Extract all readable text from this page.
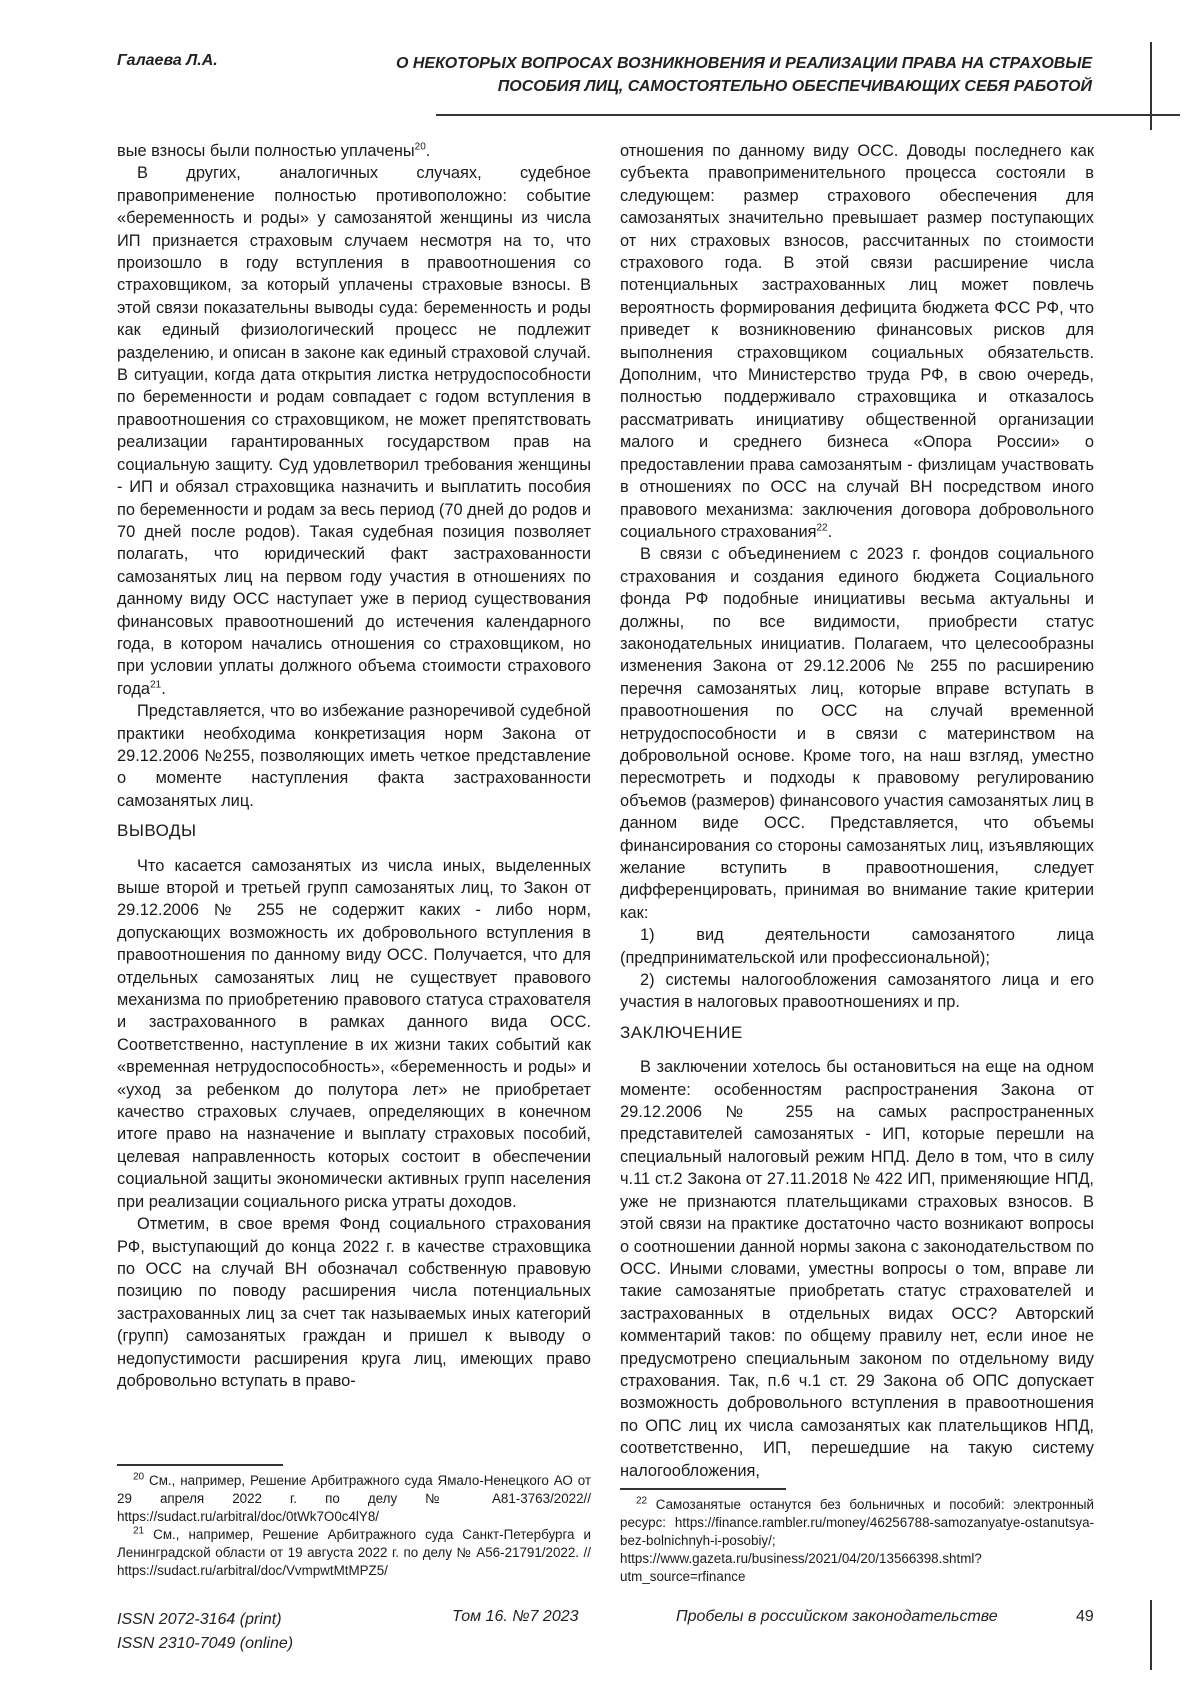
Галаева Л.А.	О НЕКОТОРЫХ ВОПРОСАХ ВОЗНИКНОВЕНИЯ И РЕАЛИЗАЦИИ ПРАВА НА СТРАХОВЫЕ
ПОСОБИЯ ЛИЦ, САМОСТОЯТЕЛЬНО ОБЕСПЕЧИВАЮЩИХ СЕБЯ РАБОТОЙ

вые взносы были полностью уплачены20.

В других, аналогичных случаях, судебное правоприменение полностью противоположно: событие «беременность и роды» у самозанятой женщины из числа ИП признается страховым случаем несмотря на то, что произошло в году вступления в правоотношения со страховщиком, за который уплачены страховые взносы. В этой связи показательны выводы суда: беременность и роды как единый физиологический процесс не подлежит разделению, и описан в законе как единый страховой случай. В ситуации, когда дата открытия листка нетрудоспособности по беременности и родам совпадает с годом вступления в правоотношения со страховщиком, не может препятствовать реализации гарантированных государством прав на социальную защиту. Суд удовлетворил требования женщины - ИП и обязал страховщика назначить и выплатить пособия по беременности и родам за весь период (70 дней до родов и 70 дней после родов). Такая судебная позиция позволяет полагать, что юридический факт застрахованности самозанятых лиц на первом году участия в отношениях по данному виду ОСС наступает уже в период существования финансовых правоотношений до истечения календарного года, в котором начались отношения со страховщиком, но при условии уплаты должного объема стоимости страхового года21.

Представляется, что во избежание разноречивой судебной практики необходима конкретизация норм Закона от 29.12.2006 №255, позволяющих иметь четкое представление о моменте наступления факта застрахованности самозанятых лиц.

ВЫВОДЫ

Что касается самозанятых из числа иных, выделенных выше второй и третьей групп самозанятых лиц, то Закон от 29.12.2006 № 255 не содержит каких - либо норм, допускающих возможность их добровольного вступления в правоотношения по данному виду ОСС. Получается, что для отдельных самозанятых лиц не существует правового механизма по приобретению правового статуса страхователя и застрахованного в рамках данного вида ОСС. Соответственно, наступление в их жизни таких событий как «временная нетрудоспособность», «беременность и роды» и «уход за ребенком до полутора лет» не приобретает качество страховых случаев, определяющих в конечном итоге право на назначение и выплату страховых пособий, целевая направленность которых состоит в обеспечении социальной защиты экономически активных групп населения при реализации социального риска утраты доходов.

Отметим, в свое время Фонд социального страхования РФ, выступающий до конца 2022 г. в качестве страховщика по ОСС на случай ВН обозначал собственную правовую позицию по поводу расширения числа потенциальных застрахованных лиц за счет так называемых иных категорий (групп) самозанятых граждан и пришел к выводу о недопустимости расширения круга лиц, имеющих право добровольно вступать в право-

отношения по данному виду ОСС. Доводы последнего как субъекта правоприменительного процесса состояли в следующем: размер страхового обеспечения для самозанятых значительно превышает размер поступающих от них страховых взносов, рассчитанных по стоимости страхового года. В этой связи расширение числа потенциальных застрахованных лиц может повлечь вероятность формирования дефицита бюджета ФСС РФ, что приведет к возникновению финансовых рисков для выполнения страховщиком социальных обязательств. Дополним, что Министерство труда РФ, в свою очередь, полностью поддерживало страховщика и отказалось рассматривать инициативу общественной организации малого и среднего бизнеса «Опора России» о предоставлении права самозанятым - физлицам участвовать в отношениях по ОСС на случай ВН посредством иного правового механизма: заключения договора добровольного социального страхования22.

В связи с объединением с 2023 г. фондов социального страхования и создания единого бюджета Социального фонда РФ подобные инициативы весьма актуальны и должны, по все видимости, приобрести статус законодательных инициатив. Полагаем, что целесообразны изменения Закона от 29.12.2006 № 255 по расширению перечня самозанятых лиц, которые вправе вступать в правоотношения по ОСС на случай временной нетрудоспособности и в связи с материнством на добровольной основе. Кроме того, на наш взгляд, уместно пересмотреть и подходы к правовому регулированию объемов (размеров) финансового участия самозанятых лиц в данном виде ОСС. Представляется, что объемы финансирования со стороны самозанятых лиц, изъявляющих желание вступить в правоотношения, следует дифференцировать, принимая во внимание такие критерии как:

1) вид деятельности самозанятого лица (предпринимательской или профессиональной);

2) системы налогообложения самозанятого лица и его участия в налоговых правоотношениях и пр.

ЗАКЛЮЧЕНИЕ

В заключении хотелось бы остановиться на еще на одном моменте: особенностям распространения Закона от 29.12.2006 № 255 на самых распространенных представителей самозанятых - ИП, которые перешли на специальный налоговый режим НПД. Дело в том, что в силу ч.11 ст.2 Закона от 27.11.2018 № 422 ИП, применяющие НПД, уже не признаются плательщиками страховых взносов. В этой связи на практике достаточно часто возникают вопросы о соотношении данной нормы закона с законодательством по ОСС. Иными словами, уместны вопросы о том, вправе ли такие самозанятые приобретать статус страхователей и застрахованных в отдельных видах ОСС? Авторский комментарий таков: по общему правилу нет, если иное не предусмотрено специальным законом по отдельному виду страхования. Так, п.6 ч.1 ст. 29 Закона об ОПС допускает возможность добровольного вступления в правоотношения по ОПС лиц их числа самозанятых как плательщиков НПД, соответственно, ИП, перешедшие на такую систему налогообложения,

20 См., например, Решение Арбитражного суда Ямало-Ненецкого АО от 29 апреля 2022 г. по делу № А81-3763/2022// https://sudact.ru/arbitral/doc/0tWk7O0c4lY8/

21 См., например, Решение Арбитражного суда Санкт-Петербурга и Ленинградской области от 19 августа 2022 г. по делу № А56-21791/2022. // https://sudact.ru/arbitral/doc/VvmpwtMtMPZ5/

22 Самозанятые останутся без больничных и пособий: электронный ресурс: https://finance.rambler.ru/money/46256788-samozanyatye-ostanutsya-bez-bolnichnyh-i-posobiy/; https://www.gazeta.ru/business/2021/04/20/13566398.shtml?utm_source=rfinance

ISSN 2072-3164 (print)
ISSN 2310-7049 (online)
Том 16. №7 2023	Пробелы в российском законодательстве	49
